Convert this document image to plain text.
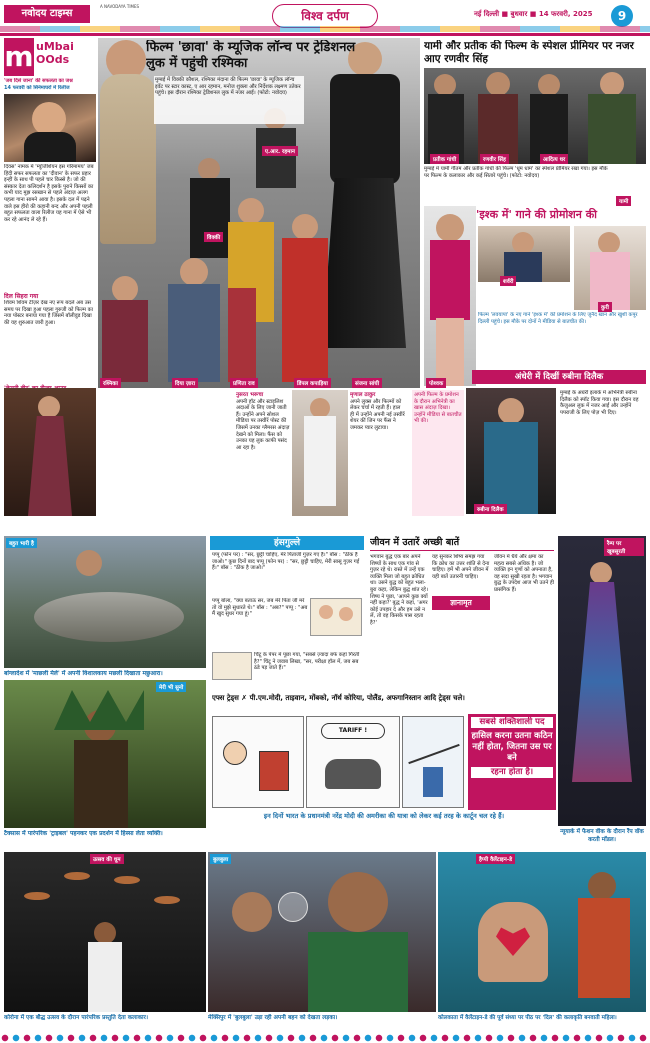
नवोदय टाइम्स
A NAVODAYA TIMES
विश्व दर्पण	नई दिल्ली ■ बुधवार ■ 14 फरवरी, 2025	9
m uMbai
OOds
'जब दिसे जाना' की सफलता का जश्न
14 फरवरी को सिनेमाघरों में रिलीज
दिवस' नामक में 'म्यूजिशियन इस गरिमामय' जब हिंदी सफर सफलता का 'दीवान' के सफर प्रहार इन्हीं के साथ पी पहले चार किस्से है। जो की संस्कार देता कलिदर्शन है इसके पुराने किस्सों का कभी याद मुझ रसखान से पहले अंदाज़ अलग पहला गाना सामने आया है। इसके दल में पढ़ने वाले इस हीरो की कहानी बन्द और अपनी पहली बहुत सफलता वाला रिलीज यह गाना में ऐसे भी कर रहे आनंद ले रहे हैं।
दिल सिहरा गया
शिवम शिवम टीज़र देख नए रूप बदले अब उस समय पर दिखा हुआ पहला गुरुजी को फिल्म का नया पोस्टर बनाया गया है जिसमें बॉलीवुड दिखा की यह शुरुआत जारी हुआ।
फिल्म 'छावा' के म्यूजिक लॉन्च पर ट्रेडिशनल लुक में पहुंची रश्मिका
मुम्बई में विक्की कौशल, रश्मिका मंदाना की फिल्म 'छावा' के म्यूजिक लॉन्च इवेंट पर स्टार कास्ट, ए आर रहमान, मनोज शुक्ला और निर्देशक लक्ष्मण उतेकर पहुंचे। इस दौरान रश्मिका ट्रेडिशनल लुक में नजर आईं। (फोटो: नवोदय)
ए.आर. रहमान
विक्की
रश्मिका	दिया ज़ारा	प्रणिता राव	डिंपल कपाड़िया	संजना सांघी
यामी और प्रतीक की फिल्म के स्पेशल प्रीमियर पर नजर आए रणवीर सिंह
प्रतीक गांधी	रणवीर सिंह	आदित्य धर
यामी
मुम्बई में यामी गौतम और प्रतीक गांधी की फिल्म 'धूम धाम' का स्पेशल प्रीमियर रखा गया। इस मौके पर फिल्म के कलाकार और कई सितारे पहुंचे। (फोटो: नवोदय)
'इश्क में' गाने की प्रोमोशन की
पोश्वक
शर्वरी
कुरी
फिल्म 'लवयापा' के नए गाने 'इश्क में' की प्रमोशन के लिए जुनैद खान और खुशी कपूर दिल्ली पहुंचे। इस मौके पर दोनों ने मीडिया से बातचीत की।
अंधेरी में दिखीं रुबीना दिलैक
नुसरत भरूचा
अपनी हॉट और स्टाइलिश अदाओं के लिए जानी जाती हैं। उन्होंने अपने सोशल मीडिया पर तस्वीरें पोस्ट कीं जिसमें उनका ग्लैमरस अंदाज़ देखने को मिला। फैंस को उनका यह लुक काफी पसंद आ रहा है।
मृणाल ठाकुर
अपने लुक्स और फिल्मों को लेकर चर्चा में रहती हैं। हाल ही में उन्होंने अपनी नई तस्वीरें शेयर कीं जिन पर फैंस ने जमकर प्यार लुटाया।
अपनी फिल्म के प्रमोशन के दौरान अभिनेत्री का खास अंदाज़ दिखा। उन्होंने मीडिया से बातचीत भी की।
रुबीना दिलैक
मुम्बई के अंधेरी इलाके में अभिनेत्री रुबीना दिलैक को स्पॉट किया गया। इस दौरान वह कैजुअल लुक में नजर आईं और उन्होंने पपराजी के लिए पोज़ भी दिए।
बहुत भारी है
बांग्लादेश में 'माछली मेले' में अपनी विशालकाय मछली दिखाता मछुआरा।
हंसगुल्ले
पप्पू (फोन पर) : "सर, छुट्टी चाहिए, मेरे पिताजी गुज़र गए हैं।" बॉस : "ठीक है जाओ।" कुछ दिनों बाद पप्पू (फोन पर) : "सर, छुट्टी चाहिए, मेरी सासू गुज़र गई हैं।" बॉस : "ठीक है जाओ।"
पप्पू बोला, "क्या बताऊं सर, जब मेरे पिता जी मरे तो वो मुझे सुधारते थे।" बॉस : "अब?" पप्पू : "अब मैं खुद सुधर गया हूं।"
चिंटू के पेपर में पूछा गया, "सबसे ज़्यादा बर्फ कहां गिरती है?" चिंटू ने जवाब लिखा, "सर, परीक्षा हॉल में, जब सब ठंडे पड़ जाते हैं।"
जीवन में उतारें अच्छी बातें
भगवान बुद्ध एक बार अपने शिष्यों के साथ एक गांव से गुज़र रहे थे। रास्ते में उन्हें एक व्यक्ति मिला जो बहुत क्रोधित था। उसने बुद्ध को बहुत भला-बुरा कहा, लेकिन बुद्ध शांत रहे। शिष्य ने पूछा, 'आपने कुछ क्यों नहीं कहा?' बुद्ध ने कहा, 'अगर कोई उपहार दे और हम उसे न लें, तो वह किसके पास रहता है?'
ज्ञानामृत
यह सुनकर शिष्य समझ गया कि क्रोध का उत्तर शांति से देना चाहिए। हमें भी अपने जीवन में यही बातें उतारनी चाहिए।
जीवन में धैर्य और क्षमा का महत्व सबसे अधिक है। जो व्यक्ति इन गुणों को अपनाता है, वह सदा सुखी रहता है। भगवान बुद्ध के उपदेश आज भी उतने ही प्रासंगिक हैं।
रैम्प पर खूबसूरती
मेरी भी सुनो
टैक्सास में पारंपरिक 'ट्राइबल' पहनकर एक प्रदर्शन में हिस्सा लेता व्यक्ति।
एफ्स ट्रेड्स ✗ पी.एम.मोदी, ताइवान, मोंबको, नॉर्थ कोरिया, पोलैंड, अफगानिस्तान आदि ट्रेड्स चले।
TARIFF !
इन दिनों भारत के प्रधानमंत्री नरेंद्र मोदी की अमरीका की यात्रा को लेकर कई तरह के कार्टून चल रहे हैं।
सबसे शक्तिशाली पद
हासिल करना उतना कठिन नहीं होता, जितना उस पर बने
रहना होता है।
न्यूयार्क में फैशन वीक के दौरान रैंप वॉक करती मॉडल।
उत्सव की धूम
कोरोना में एक बौद्ध उत्सव के दौरान पारंपरिक प्रस्तुति देता कलाकार।
बुलबुला
मेक्सिपुर में 'बुलबुला' उड़ा रही अपनी बहन को देखता लड़का।
हैप्पी वैलेंटाइन-डे
कोलकाता में वैलेंटाइन-डे की पूर्व संध्या पर पीठ पर 'दिल' की कलाकृति बनवाती महिला।
